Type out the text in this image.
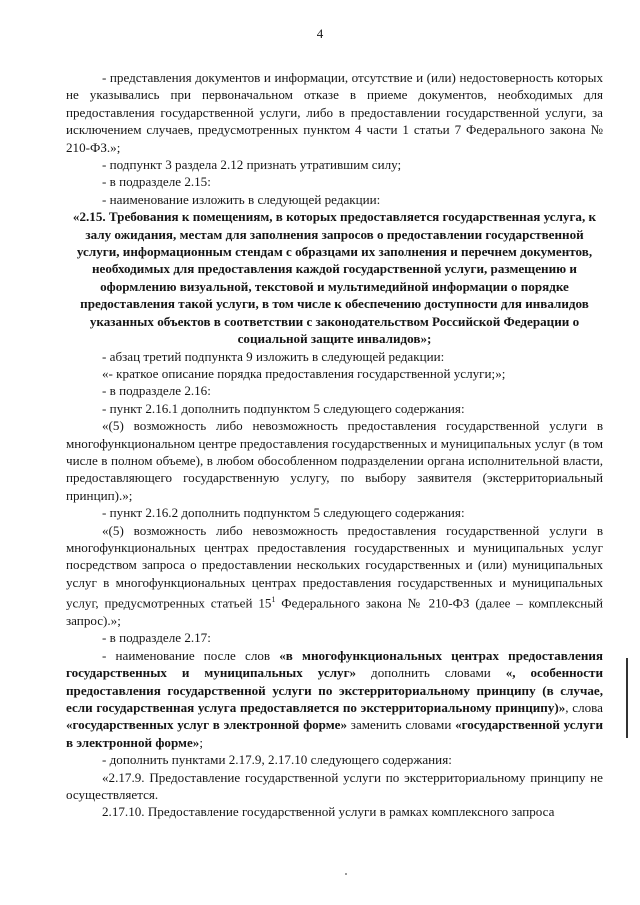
4

- представления документов и информации, отсутствие и (или) недостоверность которых не указывались при первоначальном отказе в приеме документов, необходимых для предоставления государственной услуги, либо в предоставлении государственной услуги, за исключением случаев, предусмотренных пунктом 4 части 1 статьи 7 Федерального закона № 210-ФЗ.»;

- подпункт 3 раздела 2.12 признать утратившим силу;

- в подразделе 2.15:

- наименование изложить в следующей редакции:

«2.15. Требования к помещениям, в которых предоставляется государственная услуга, к залу ожидания, местам для заполнения запросов о предоставлении государственной услуги, информационным стендам с образцами их заполнения и перечнем документов, необходимых для предоставления каждой государственной услуги, размещению и оформлению визуальной, текстовой и мультимедийной информации о порядке предоставления такой услуги, в том числе к обеспечению доступности для инвалидов указанных объектов в соответствии с законодательством Российской Федерации о социальной защите инвалидов»;

- абзац третий подпункта 9 изложить в следующей редакции:

«- краткое описание порядка предоставления государственной услуги;»;

- в подразделе 2.16:

- пункт 2.16.1 дополнить подпунктом 5 следующего содержания:

«(5) возможность либо невозможность предоставления государственной услуги в многофункциональном центре предоставления государственных и муниципальных услуг (в том числе в полном объеме), в любом обособленном подразделении органа исполнительной власти, предоставляющего государственную услугу, по выбору заявителя (экстерриториальный принцип).»;

- пункт 2.16.2 дополнить подпунктом 5 следующего содержания:

«(5) возможность либо невозможность предоставления государственной услуги в многофункциональных центрах предоставления государственных и муниципальных услуг посредством запроса о предоставлении нескольких государственных и (или) муниципальных услуг в многофункциональных центрах предоставления государственных и муниципальных услуг, предусмотренных статьей $15^1$ Федерального закона № 210-ФЗ (далее – комплексный запрос).»;

- в подразделе 2.17:

- наименование после слов «в многофункциональных центрах предоставления государственных и муниципальных услуг» дополнить словами «, особенности предоставления государственной услуги по экстерриториальному принципу (в случае, если государственная услуга предоставляется по экстерриториальному принципу)», слова «государственных услуг в электронной форме» заменить словами «государственной услуги в электронной форме»;

- дополнить пунктами 2.17.9, 2.17.10 следующего содержания:

«2.17.9. Предоставление государственной услуги по экстерриториальному принципу не осуществляется.

2.17.10. Предоставление государственной услуги в рамках комплексного запроса
